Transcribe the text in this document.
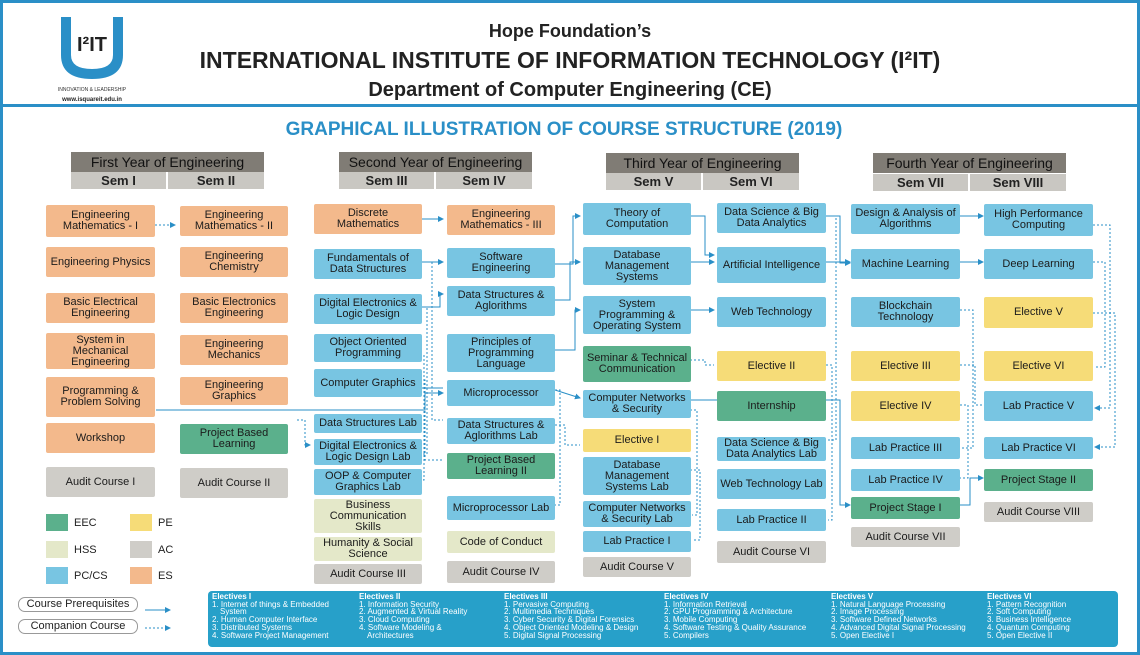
I²IT
INNOVATION & LEADERSHIP
www.isquareit.edu.in
Hope Foundation’s
INTERNATIONAL INSTITUTE OF INFORMATION TECHNOLOGY (I²IT)
Department of Computer Engineering (CE)
GRAPHICAL ILLUSTRATION OF COURSE STRUCTURE (2019)
First Year of Engineering	Second Year of Engineering	Third Year of Engineering	Fourth Year of Engineering
Sem I	Sem II	Sem III	Sem IV	Sem V	Sem VI	Sem VII	Sem VIII
Engineering Mathematics - I
Engineering Physics
Basic Electrical Engineering
System in Mechanical Engineering
Programming & Problem Solving
Workshop
Audit Course I
Engineering Mathematics - II
Engineering Chemistry
Basic Electronics Engineering
Engineering Mechanics
Engineering Graphics
Project Based Learning
Audit Course II
Discrete Mathematics
Fundamentals of Data Structures
Digital Electronics & Logic Design
Object Oriented Programming
Computer Graphics
Data Structures Lab
Digital Electronics & Logic Design Lab
OOP & Computer Graphics Lab
Business Communication Skills
Humanity & Social Science
Audit Course III
Engineering Mathematics - III
Software Engineering
Data Structures & Aglorithms
Principles of Programming Language
Microprocessor
Data Structures & Aglorithms Lab
Project Based Learning II
Microprocessor Lab
Code of Conduct
Audit Course IV
Theory of Computation
Database Management Systems
System Programming & Operating System
Seminar & Technical Communication
Computer Networks & Security
Elective I
Database Management Systems Lab
Computer Networks & Security Lab
Lab Practice I
Audit Course V
Data Science & Big Data Analytics
Artificial Intelligence
Web Technology
Elective II
Internship
Data Science & Big Data Analytics Lab
Web Technology Lab
Lab Practice II
Audit Course VI
Design & Analysis of Algorithms
Machine Learning
Blockchain Technology
Elective III
Elective IV
Lab Practice III
Lab Practice IV
Project Stage I
Audit Course VII
High Performance Computing
Deep Learning
Elective V
Elective VI
Lab Practice V
Lab Practice VI
Project Stage II
Audit Course VIII
EEC	PE
HSS	AC
PC/CS	ES
Course Prerequisites
Companion Course
Electives I
1. Internet of things & Embedded
System
2. Human Computer Interface
3. Distributed Systems
4. Software Project Management
Electives II
1. Information Security
2. Augmented & Virtual Reality
3. Cloud Computing
4. Software Modeling &
Architectures
Electives III
1. Pervasive Computing
2. Multimedia Techniques
3. Cyber Security & Digital Forensics
4. Object Oriented Modeling & Design
5. Digital Signal Processing
Electives IV
1. Information Retrieval
2. GPU Programming & Architecture
3. Mobile Computing
4. Software Testing & Quality Assurance
5. Compilers
Electives V
1. Natural Language Processing
2. Image Processing
3. Software Defined Networks
4. Advanced Digital Signal Processing
5. Open Elective I
Electives VI
1. Pattern Recognition
2. Soft Computing
3. Business Intelligence
4. Quantum Computing
5. Open Elective II
